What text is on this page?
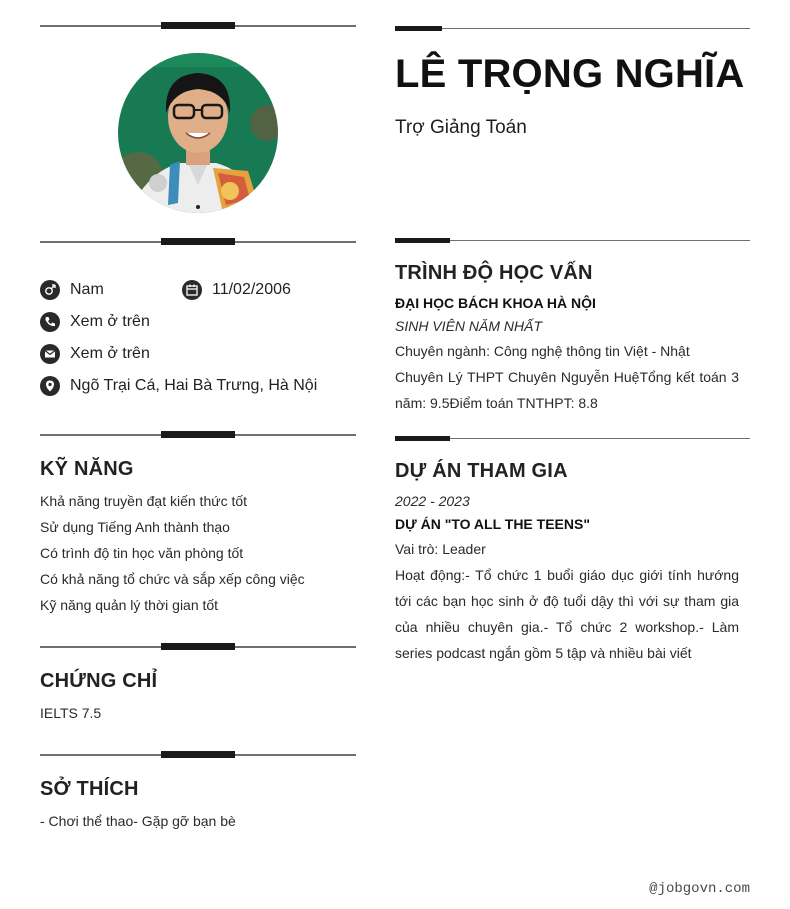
Nam	11/02/2006
Xem ở trên
Xem ở trên
Ngõ Trại Cá, Hai Bà Trưng, Hà Nội
KỸ NĂNG
Khả năng truyền đạt kiến thức tốt
Sử dụng Tiếng Anh thành thạo
Có trình độ tin học văn phòng tốt
Có khả năng tổ chức và sắp xếp công việc
Kỹ năng quản lý thời gian tốt
CHỨNG CHỈ
IELTS 7.5
SỞ THÍCH
- Chơi thể thao- Gặp gỡ bạn bè
LÊ TRỌNG NGHĨA
Trợ Giảng Toán
TRÌNH ĐỘ HỌC VẤN
ĐẠI HỌC BÁCH KHOA HÀ NỘI
SINH VIÊN NĂM NHẤT
Chuyên ngành: Công nghệ thông tin Việt - Nhật
Chuyên Lý THPT Chuyên Nguyễn HuệTổng kết toán 3 năm: 9.5Điểm toán TNTHPT: 8.8
DỰ ÁN THAM GIA
2022 - 2023
DỰ ÁN "TO ALL THE TEENS"
Vai trò: Leader
Hoạt động:- Tổ chức 1 buổi giáo dục giới tính hướng tới các bạn học sinh ở độ tuổi dậy thì với sự tham gia của nhiều chuyên gia.- Tổ chức 2 workshop.- Làm series podcast ngắn gồm 5 tập và nhiều bài viết
@jobgovn.com
